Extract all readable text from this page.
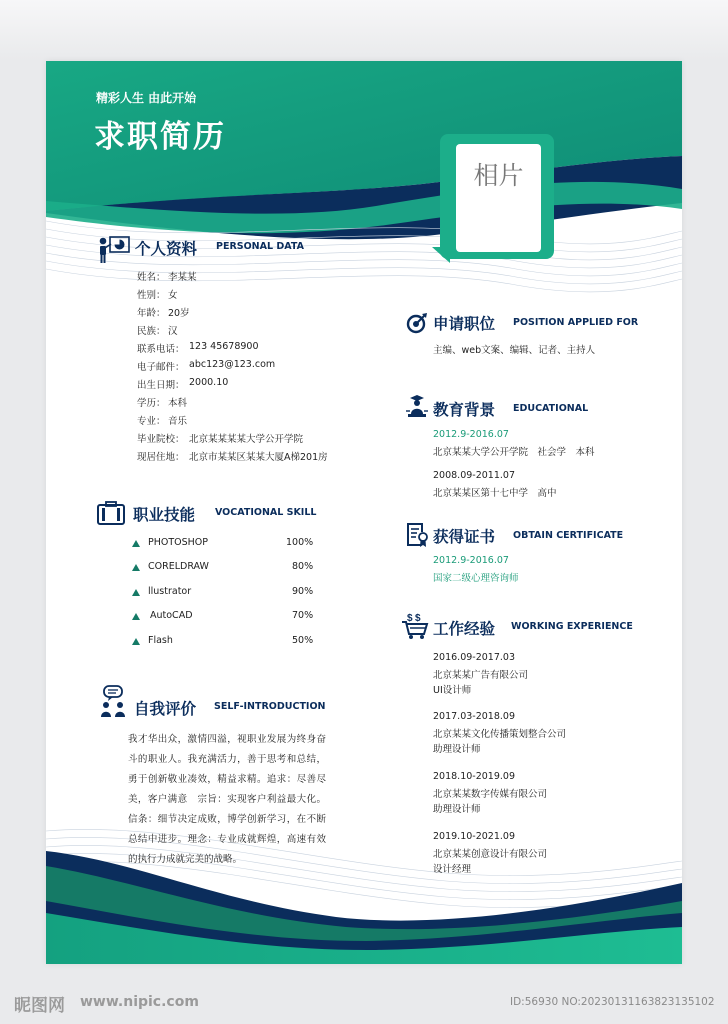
精彩人生 由此开始

求职简历

相片
个人资料 PERSONAL DATA
姓名： 李某某
性别： 女
年龄： 20岁
民族： 汉
联系电话： 123 45678900
电子邮件： abc123@123.com
出生日期： 2000.10
学历： 本科
专业： 音乐
毕业院校： 北京某某某某大学公开学院
现居住地： 北京市某某区某某大厦A梯201房
职业技能 VOCATIONAL SKILL
PHOTOSHOP	100%
CORELDRAW	80%
llustrator	90%
AutoCAD	70%
Flash	50%
自我评价 SELF-INTRODUCTION
我才华出众，激情四溢，视职业发展为终身奋斗的职业人。我充满活力，善于思考和总结，勇于创新敬业凑效，精益求精。追求：尽善尽美，客户满意　宗旨：实现客户利益最大化。信条：细节决定成败，博学创新学习，在不断总结中进步。理念：专业成就辉煌，高速有效的执行力成就完美的战略。
申请职位 POSITION APPLIED FOR
主编、web文案、编辑、记者、主持人
教育背景 EDUCATIONAL
2012.9-2016.07
北京某某大学公开学院　社会学　本科
2008.09-2011.07
北京某某区第十七中学　高中
获得证书 OBTAIN CERTIFICATE
2012.9-2016.07
国家二级心理咨询师
$ $
工作经验 WORKING EXPERIENCE
2016.09-2017.03
北京某某广告有限公司
UI设计师
2017.03-2018.09
北京某某文化传播策划整合公司
助理设计师
2018.10-2019.09
北京某某数字传媒有限公司
助理设计师
2019.10-2021.09
北京某某创意设计有限公司
设计经理
昵图网 www.nipic.com	ID:56930 NO:20230131163823135102
